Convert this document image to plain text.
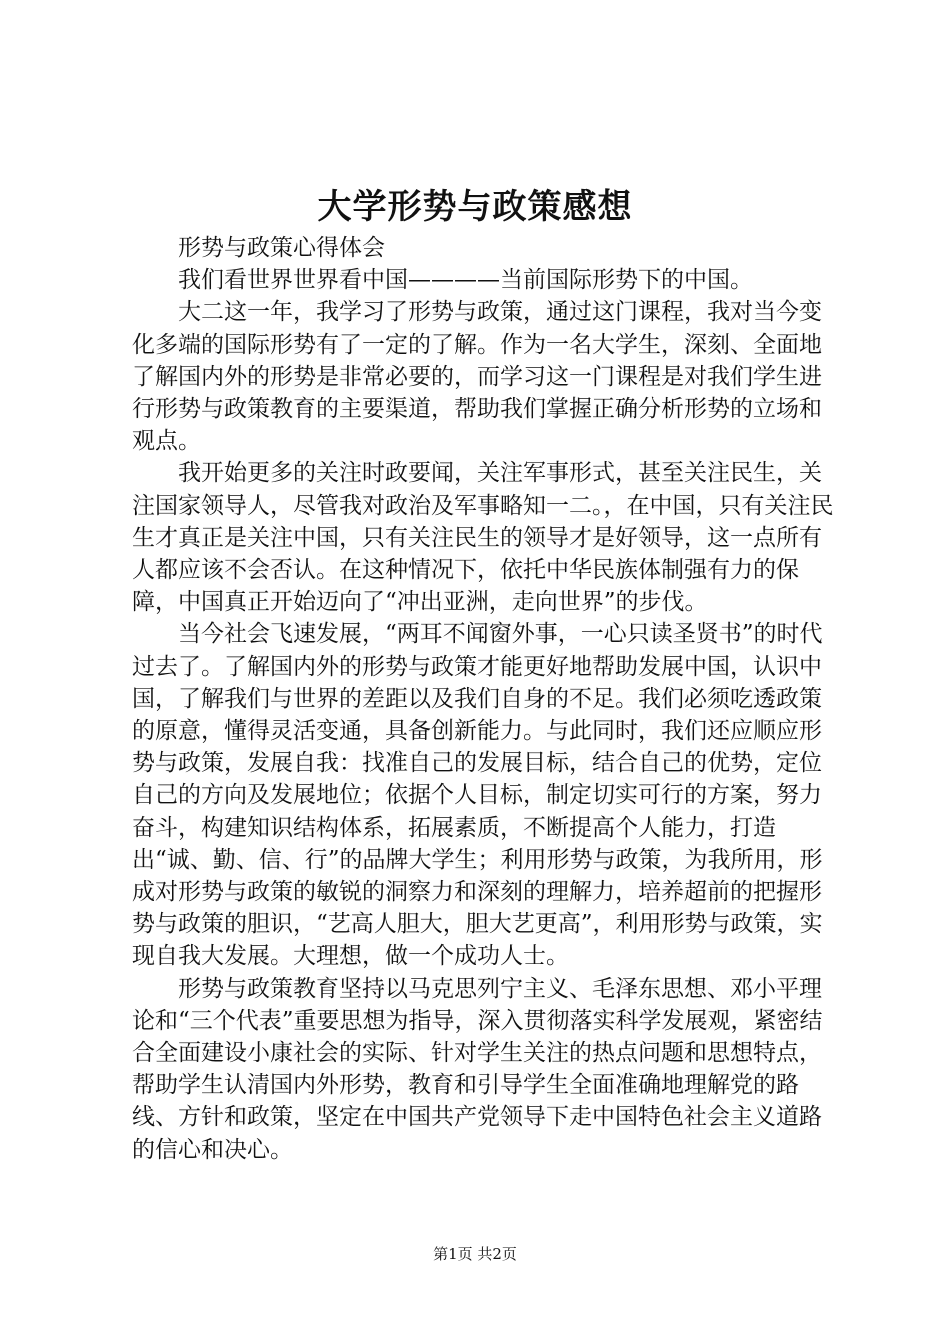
大学形势与政策感想

形势与政策心得体会

我们看世界世界看中国————当前国际形势下的中国。

大二这一年，我学习了形势与政策，通过这门课程，我对当今变化多端的国际形势有了一定的了解。作为一名大学生，深刻、全面地了解国内外的形势是非常必要的，而学习这一门课程是对我们学生进行形势与政策教育的主要渠道，帮助我们掌握正确分析形势的立场和观点。

我开始更多的关注时政要闻，关注军事形式，甚至关注民生，关注国家领导人，尽管我对政治及军事略知一二。，在中国，只有关注民生才真正是关注中国，只有关注民生的领导才是好领导，这一点所有人都应该不会否认。在这种情况下，依托中华民族体制强有力的保障，中国真正开始迈向了“冲出亚洲，走向世界”的步伐。

当今社会飞速发展，“两耳不闻窗外事，一心只读圣贤书”的时代过去了。了解国内外的形势与政策才能更好地帮助发展中国，认识中国，了解我们与世界的差距以及我们自身的不足。我们必须吃透政策的原意，懂得灵活变通，具备创新能力。与此同时，我们还应顺应形势与政策，发展自我：找准自己的发展目标，结合自己的优势，定位自己的方向及发展地位；依据个人目标，制定切实可行的方案，努力奋斗，构建知识结构体系，拓展素质，不断提高个人能力，打造出“诚、勤、信、行”的品牌大学生；利用形势与政策，为我所用，形成对形势与政策的敏锐的洞察力和深刻的理解力，培养超前的把握形势与政策的胆识，“艺高人胆大，胆大艺更高”，利用形势与政策，实现自我大发展。大理想，做一个成功人士。

形势与政策教育坚持以马克思列宁主义、毛泽东思想、邓小平理论和“三个代表”重要思想为指导，深入贯彻落实科学发展观，紧密结合全面建设小康社会的实际、针对学生关注的热点问题和思想特点，帮助学生认清国内外形势，教育和引导学生全面准确地理解党的路线、方针和政策，坚定在中国共产党领导下走中国特色社会主义道路的信心和决心。

第1页 共2页
